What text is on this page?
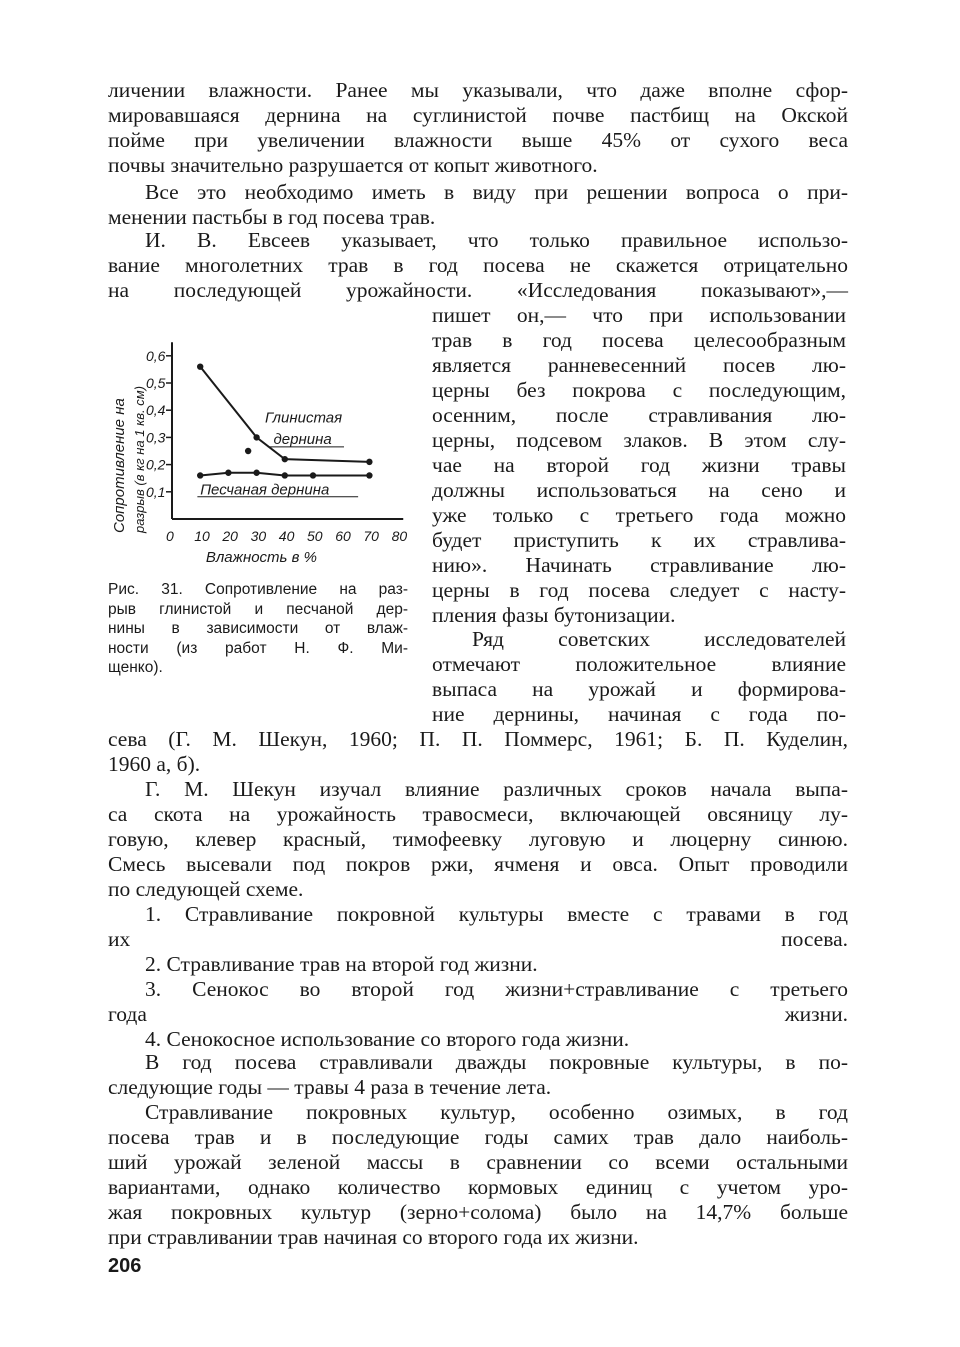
личении влажности. Ранее мы указывали, что даже вполне сфор-
мировавшаяся дернина на суглинистой почве пастбищ на Окской
пойме при увеличении влажности выше 45% от сухого веса
почвы значительно разрушается от копыт животного.
Все это необходимо иметь в виду при решении вопроса о при-
менении пастьбы в год посева трав.
И. В. Евсеев указывает, что только правильное использо-
вание многолетних трав в год посева не скажется отрицательно
на последующей урожайности. «Исследования показывают»,—
пишет он,— что при использовании
трав в год посева целесообразным
является ранневесенний посев лю-
церны без покрова с последующим,
осенним, после стравливания лю-
церны, подсевом злаков. В этом слу-
чае на второй год жизни травы
должны использоваться на сено и
уже только с третьего года можно
будет приступить к их стравлива-
нию». Начинать стравливание лю-
церны в год посева следует с насту-
пления фазы бутонизации.
Ряд советских исследователей
отмечают положительное влияние
выпаса на урожай и формирова-
ние дернины, начиная с года по-
сева (Г. М. Шекун, 1960; П. П. Поммерс, 1961; Б. П. Куделин,
1960 а, б).
Г. М. Шекун изучал влияние различных сроков начала выпа-
са скота на урожайность травосмеси, включающей овсяницу лу-
говую, клевер красный, тимофеевку луговую и люцерну синюю.
Смесь высевали под покров ржи, ячменя и овса. Опыт проводили
по следующей схеме.
1. Стравливание покровной культуры вместе с травами в год
их посева.
2. Стравливание трав на второй год жизни.
3. Сенокос во второй год жизни+стравливание с третьего
года жизни.
4. Сенокосное использование со второго года жизни.
В год посева стравливали дважды покровные культуры, в по-
следующие годы — травы 4 раза в течение лета.
Стравливание покровных культур, особенно озимых, в год
посева трав и в последующие годы самих трав дало наиболь-
ший урожай зеленой массы в сравнении со всеми остальными
вариантами, однако количество кормовых единиц с учетом уро-
жая покровных культур (зерно+солома) было на 14,7% больше
при стравливании трав начиная со второго года их жизни.
Рис. 31. Сопротивление на раз-
рыв глинистой и песчаной дер-
нины в зависимости от влаж-
ности (из работ Н. Ф. Ми-
щенко).
0,1
0,2
0,3
0,4
0,5
0,6
0 10 20 30 40 50 60 70 80
Влажность в %
Сопротивление на разрыв (в кг на 1 кв. см)	Глинистая
дернина
Песчаная дернина
206
